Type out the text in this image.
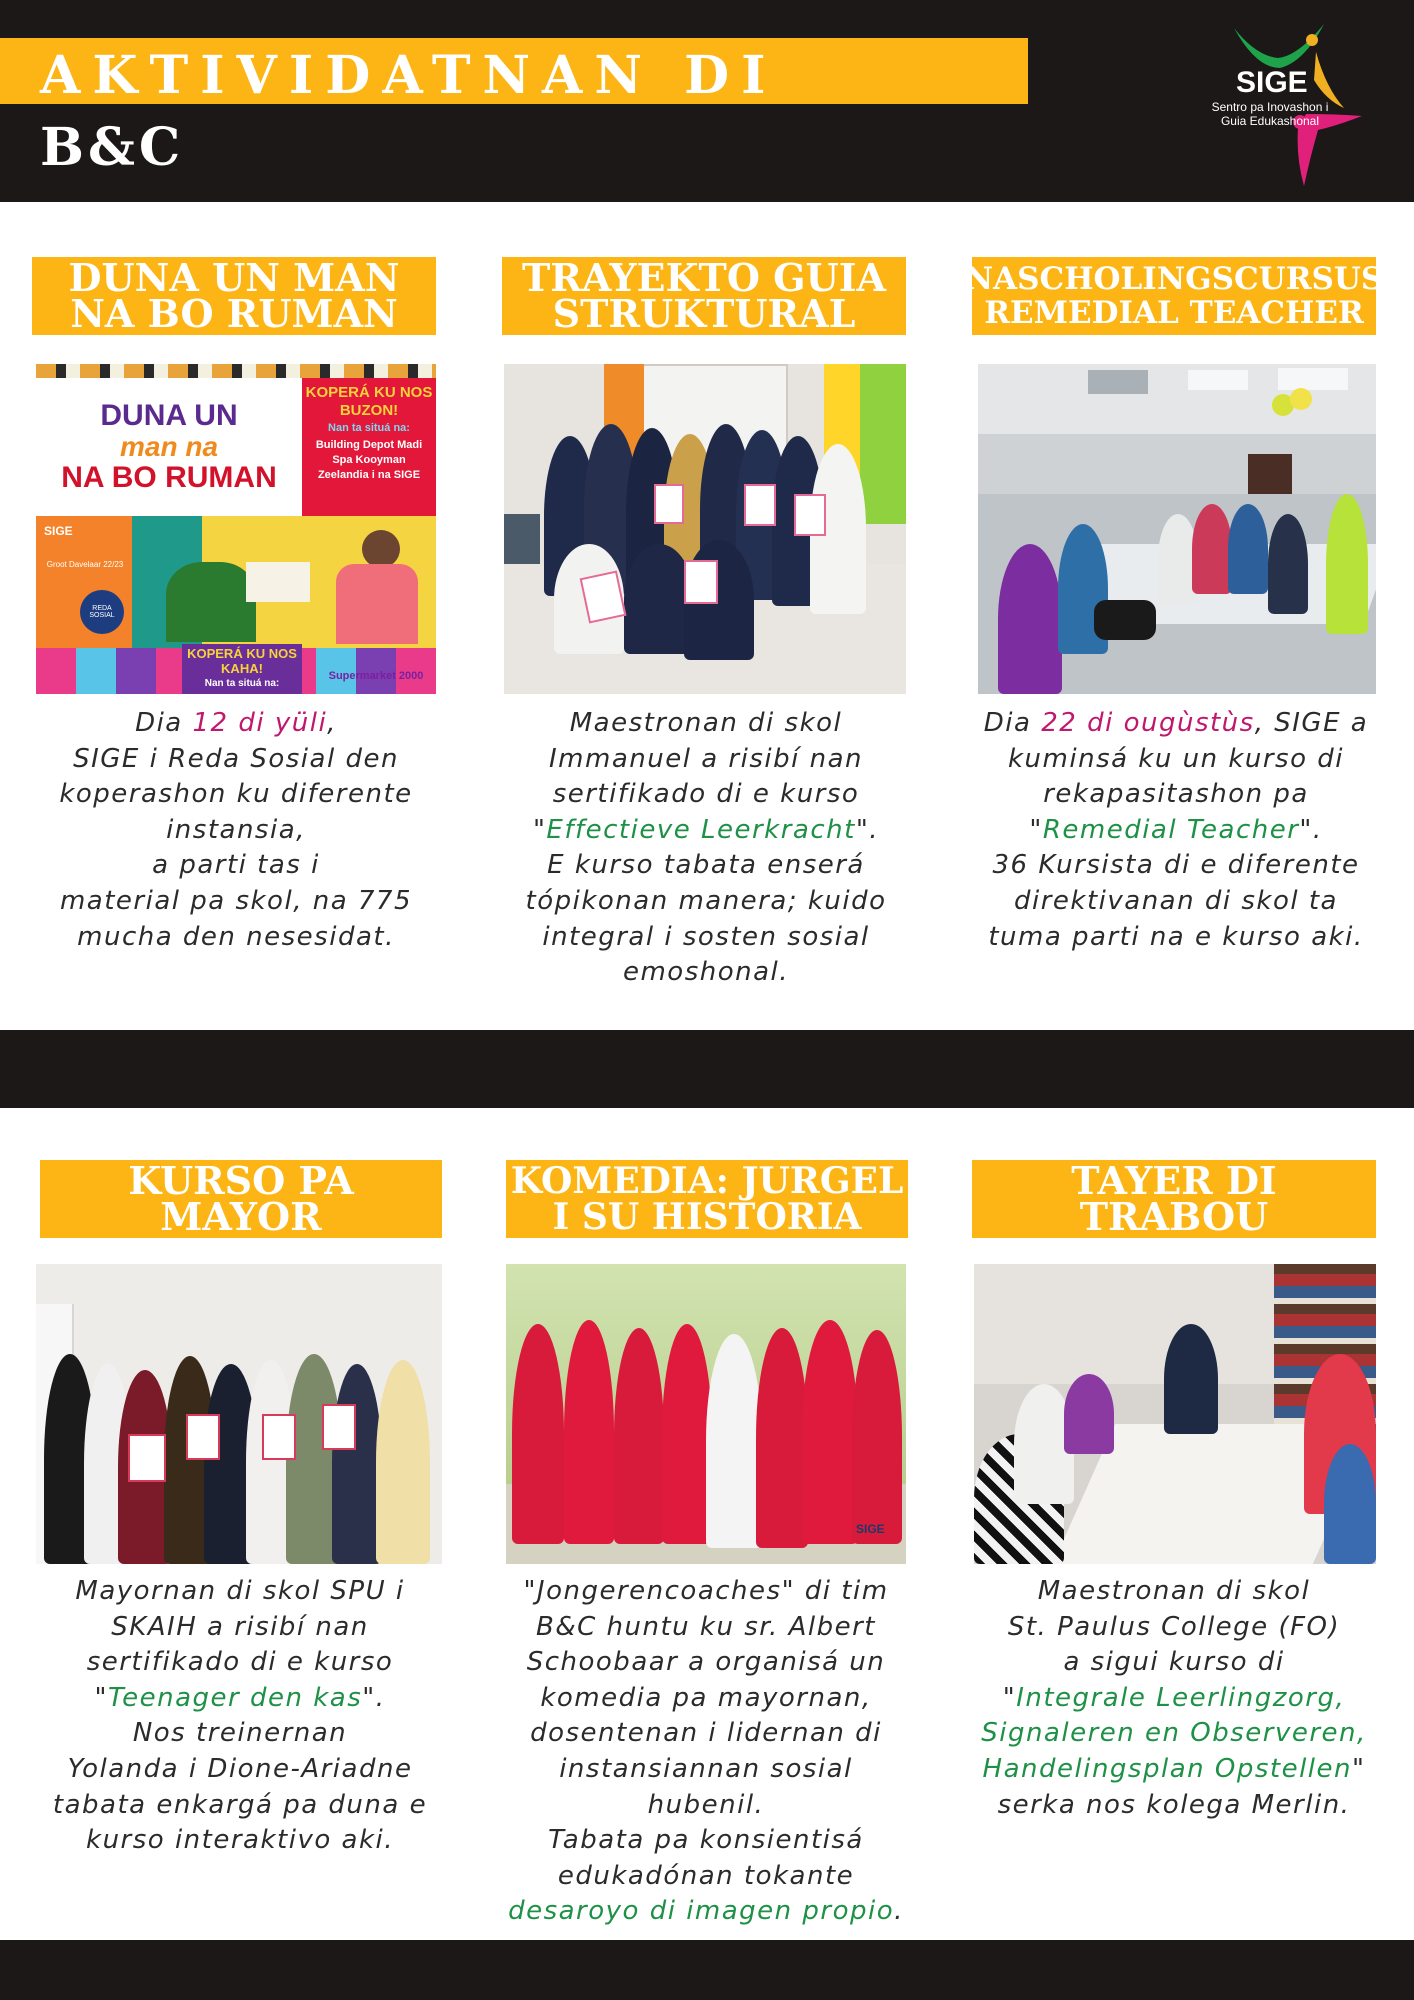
AKTIVIDATNAN DI
B&C
SIGE
Sentro pa Inovashon i Guia Edukashonal
DUNA UN MAN
NA BO RUMAN
DUNA UN
man na
NA BO RUMAN
KOPERÁ KU NOS BUZON!
Nan ta situá na:
Building Depot Madi Spa Kooyman Zeelandia i na SIGE
SIGE
Groot Davelaar 22/23
REDA SOSIAL
KOPERÁ KU NOS KAHA!
Nan ta situá na:
Supermarket 2000
Dia 12 di yüli,
SIGE i Reda Sosial den
koperashon ku diferente
instansia,
a parti tas i
material pa skol, na 775
mucha den nesesidat.
TRAYEKTO GUIA
STRUKTURAL
Maestronan di skol
Immanuel a risibí nan
sertifikado di e kurso
"Effectieve Leerkracht".
E kurso tabata enserá
tópikonan manera; kuido
integral i sosten sosial
emoshonal.
NASCHOLINGSCURSUS
REMEDIAL TEACHER
Dia 22 di ougùstùs, SIGE a
kuminsá ku un kurso di
rekapasitashon pa
"Remedial Teacher".
36 Kursista di e diferente
direktivanan di skol ta
tuma parti na e kurso aki.
KURSO PA
MAYOR
Mayornan di skol SPU i
SKAIH a risibí nan
sertifikado di e kurso
"Teenager den kas".
Nos treinernan
Yolanda i Dione-Ariadne
tabata enkargá pa duna e
kurso interaktivo aki.
KOMEDIA: JURGEL
I SU HISTORIA
SIGE
"Jongerencoaches" di tim
B&C huntu ku sr. Albert
Schoobaar a organisá un
komedia pa mayornan,
dosentenan i lidernan di
instansiannan sosial
hubenil.
Tabata pa konsientisá
edukadónan tokante
desaroyo di imagen propio.
TAYER DI
TRABOU
Maestronan di skol
St. Paulus College (FO)
a sigui kurso di
"Integrale Leerlingzorg,
Signaleren en Observeren,
Handelingsplan Opstellen"
serka nos kolega Merlin.
